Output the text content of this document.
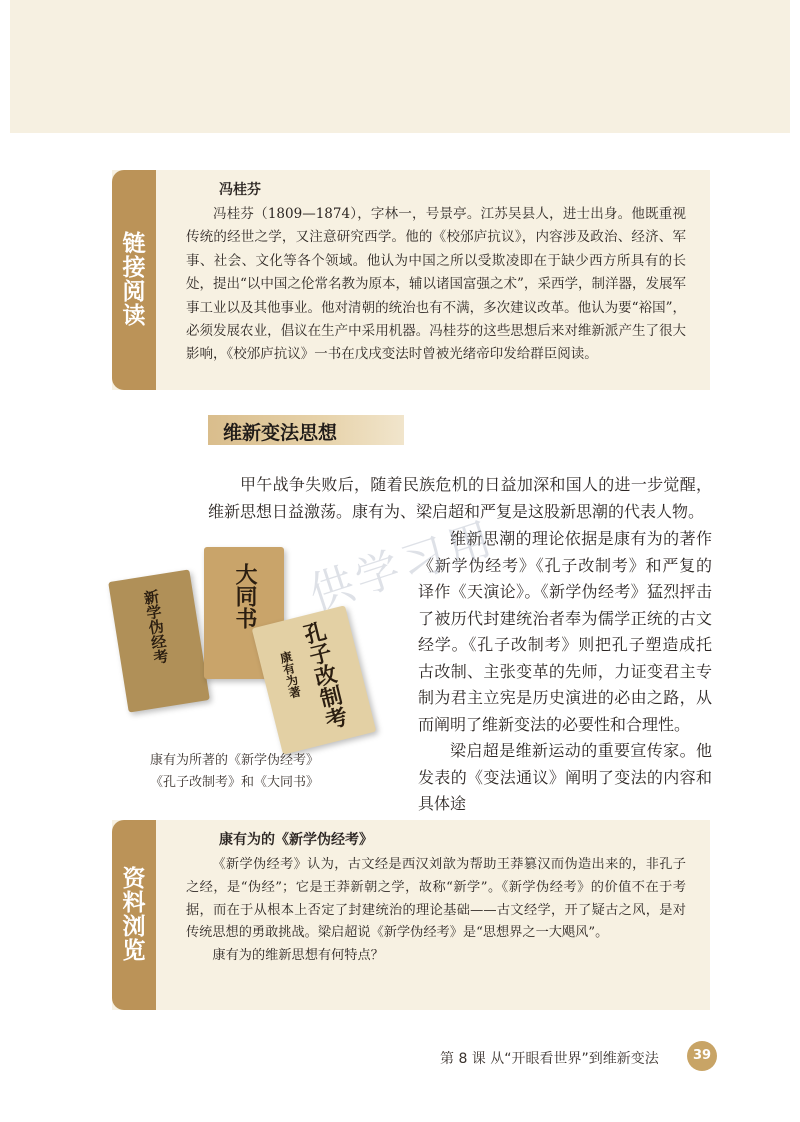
链接阅读
冯桂芬

冯桂芬（1809—1874），字林一，号景亭。江苏吴县人，进士出身。他既重视传统的经世之学，又注意研究西学。他的《校邠庐抗议》，内容涉及政治、经济、军事、社会、文化等各个领域。他认为中国之所以受欺凌即在于缺少西方所具有的长处，提出“以中国之伦常名教为原本，辅以诸国富强之术”，采西学，制洋器，发展军事工业以及其他事业。他对清朝的统治也有不满，多次建议改革。他认为要“裕国”，必须发展农业，倡议在生产中采用机器。冯桂芬的这些思想后来对维新派产生了很大影响，《校邠庐抗议》一书在戊戌变法时曾被光绪帝印发给群臣阅读。

维新变法思想

甲午战争失败后，随着民族危机的日益加深和国人的进一步觉醒，维新思想日益激荡。康有为、梁启超和严复是这股新思潮的代表人物。

维新思潮的理论依据是康有为的著作《新学伪经考》《孔子改制考》和严复的译作《天演论》。《新学伪经考》猛烈抨击了被历代封建统治者奉为儒学正统的古文经学。《孔子改制考》则把孔子塑造成托古改制、主张变革的先师，力证变君主专制为君主立宪是历史演进的必由之路，从而阐明了维新变法的必要性和合理性。

梁启超是维新运动的重要宣传家。他发表的《变法通议》阐明了变法的内容和具体途

新学伪经考	大同书
孔子改制考
康有为著
康有为所著的《新学伪经考》
《孔子改制考》和《大同书》
供学习用
资料浏览
康有为的《新学伪经考》

《新学伪经考》认为，古文经是西汉刘歆为帮助王莽篡汉而伪造出来的，非孔子之经，是“伪经”；它是王莽新朝之学，故称“新学”。《新学伪经考》的价值不在于考据，而在于从根本上否定了封建统治的理论基础——古文经学，开了疑古之风，是对传统思想的勇敢挑战。梁启超说《新学伪经考》是“思想界之一大飓风”。

康有为的维新思想有何特点？

第 8 课 从“开眼看世界”到维新变法	39
